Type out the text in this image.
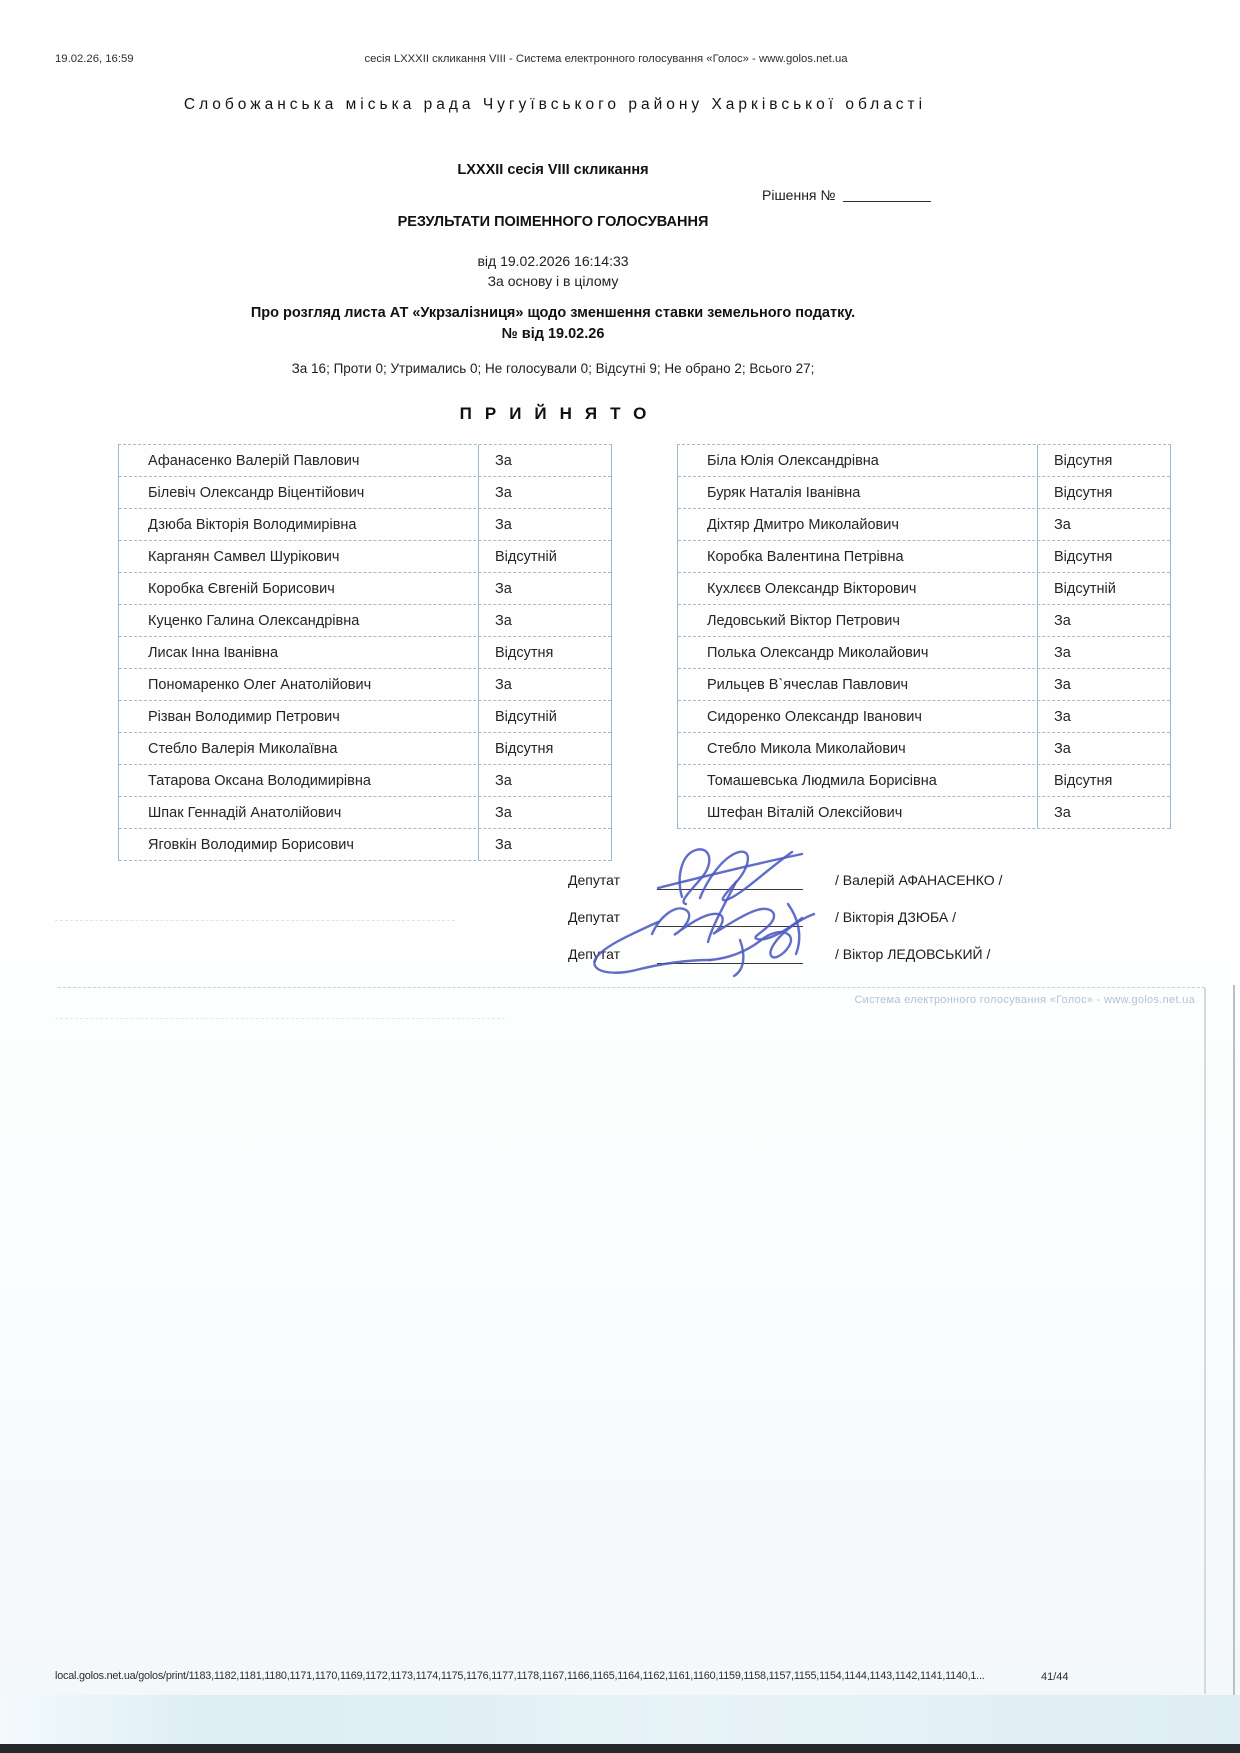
19.02.26, 16:59	сесія LXXXII скликання VIII - Система електронного голосування «Голос» - www.golos.net.ua
Слобожанська міська рада Чугуївського району Харківської області
LXXXII сесія VIII скликання
Рішення №
РЕЗУЛЬТАТИ ПОІМЕННОГО ГОЛОСУВАННЯ
від 19.02.2026 16:14:33
За основу і в цілому
Про розгляд листа АТ «Укрзалізниця» щодо зменшення ставки земельного податку.
№ від 19.02.26
За 16; Проти 0; Утримались 0; Не голосували 0; Відсутні 9; Не обрано 2; Всього 27;
ПРИЙНЯТО
Афанасенко Валерій Павлович	За
Білевіч Олександр Віцентійович	За
Дзюба Вікторія Володимирівна	За
Карганян Самвел Шурікович	Відсутній
Коробка Євгеній Борисович	За
Куценко Галина Олександрівна	За
Лисак Інна Іванівна	Відсутня
Пономаренко Олег Анатолійович	За
Різван Володимир Петрович	Відсутній
Стебло Валерія Миколаївна	Відсутня
Татарова Оксана Володимирівна	За
Шпак Геннадій Анатолійович	За
Яговкін Володимир Борисович	За
Біла Юлія Олександрівна	Відсутня
Буряк Наталія Іванівна	Відсутня
Діхтяр Дмитро Миколайович	За
Коробка Валентина Петрівна	Відсутня
Кухлєєв Олександр Вікторович	Відсутній
Ледовський Віктор Петрович	За
Полька Олександр Миколайович	За
Рильцев В`ячеслав Павлович	За
Сидоренко Олександр Іванович	За
Стебло Микола Миколайович	За
Томашевська Людмила Борисівна	Відсутня
Штефан Віталій Олексійович	За
Депутат	/ Валерій АФАНАСЕНКО /
Депутат	/ Вікторія ДЗЮБА /
Депутат	/ Віктор ЛЕДОВСЬКИЙ /
Система електронного голосування «Голос» - www.golos.net.ua
local.golos.net.ua/golos/print/1183,1182,1181,1180,1171,1170,1169,1172,1173,1174,1175,1176,1177,1178,1167,1166,1165,1164,1162,1161,1160,1159,1158,1157,1155,1154,1144,1143,1142,1141,1140,1...	41/44
